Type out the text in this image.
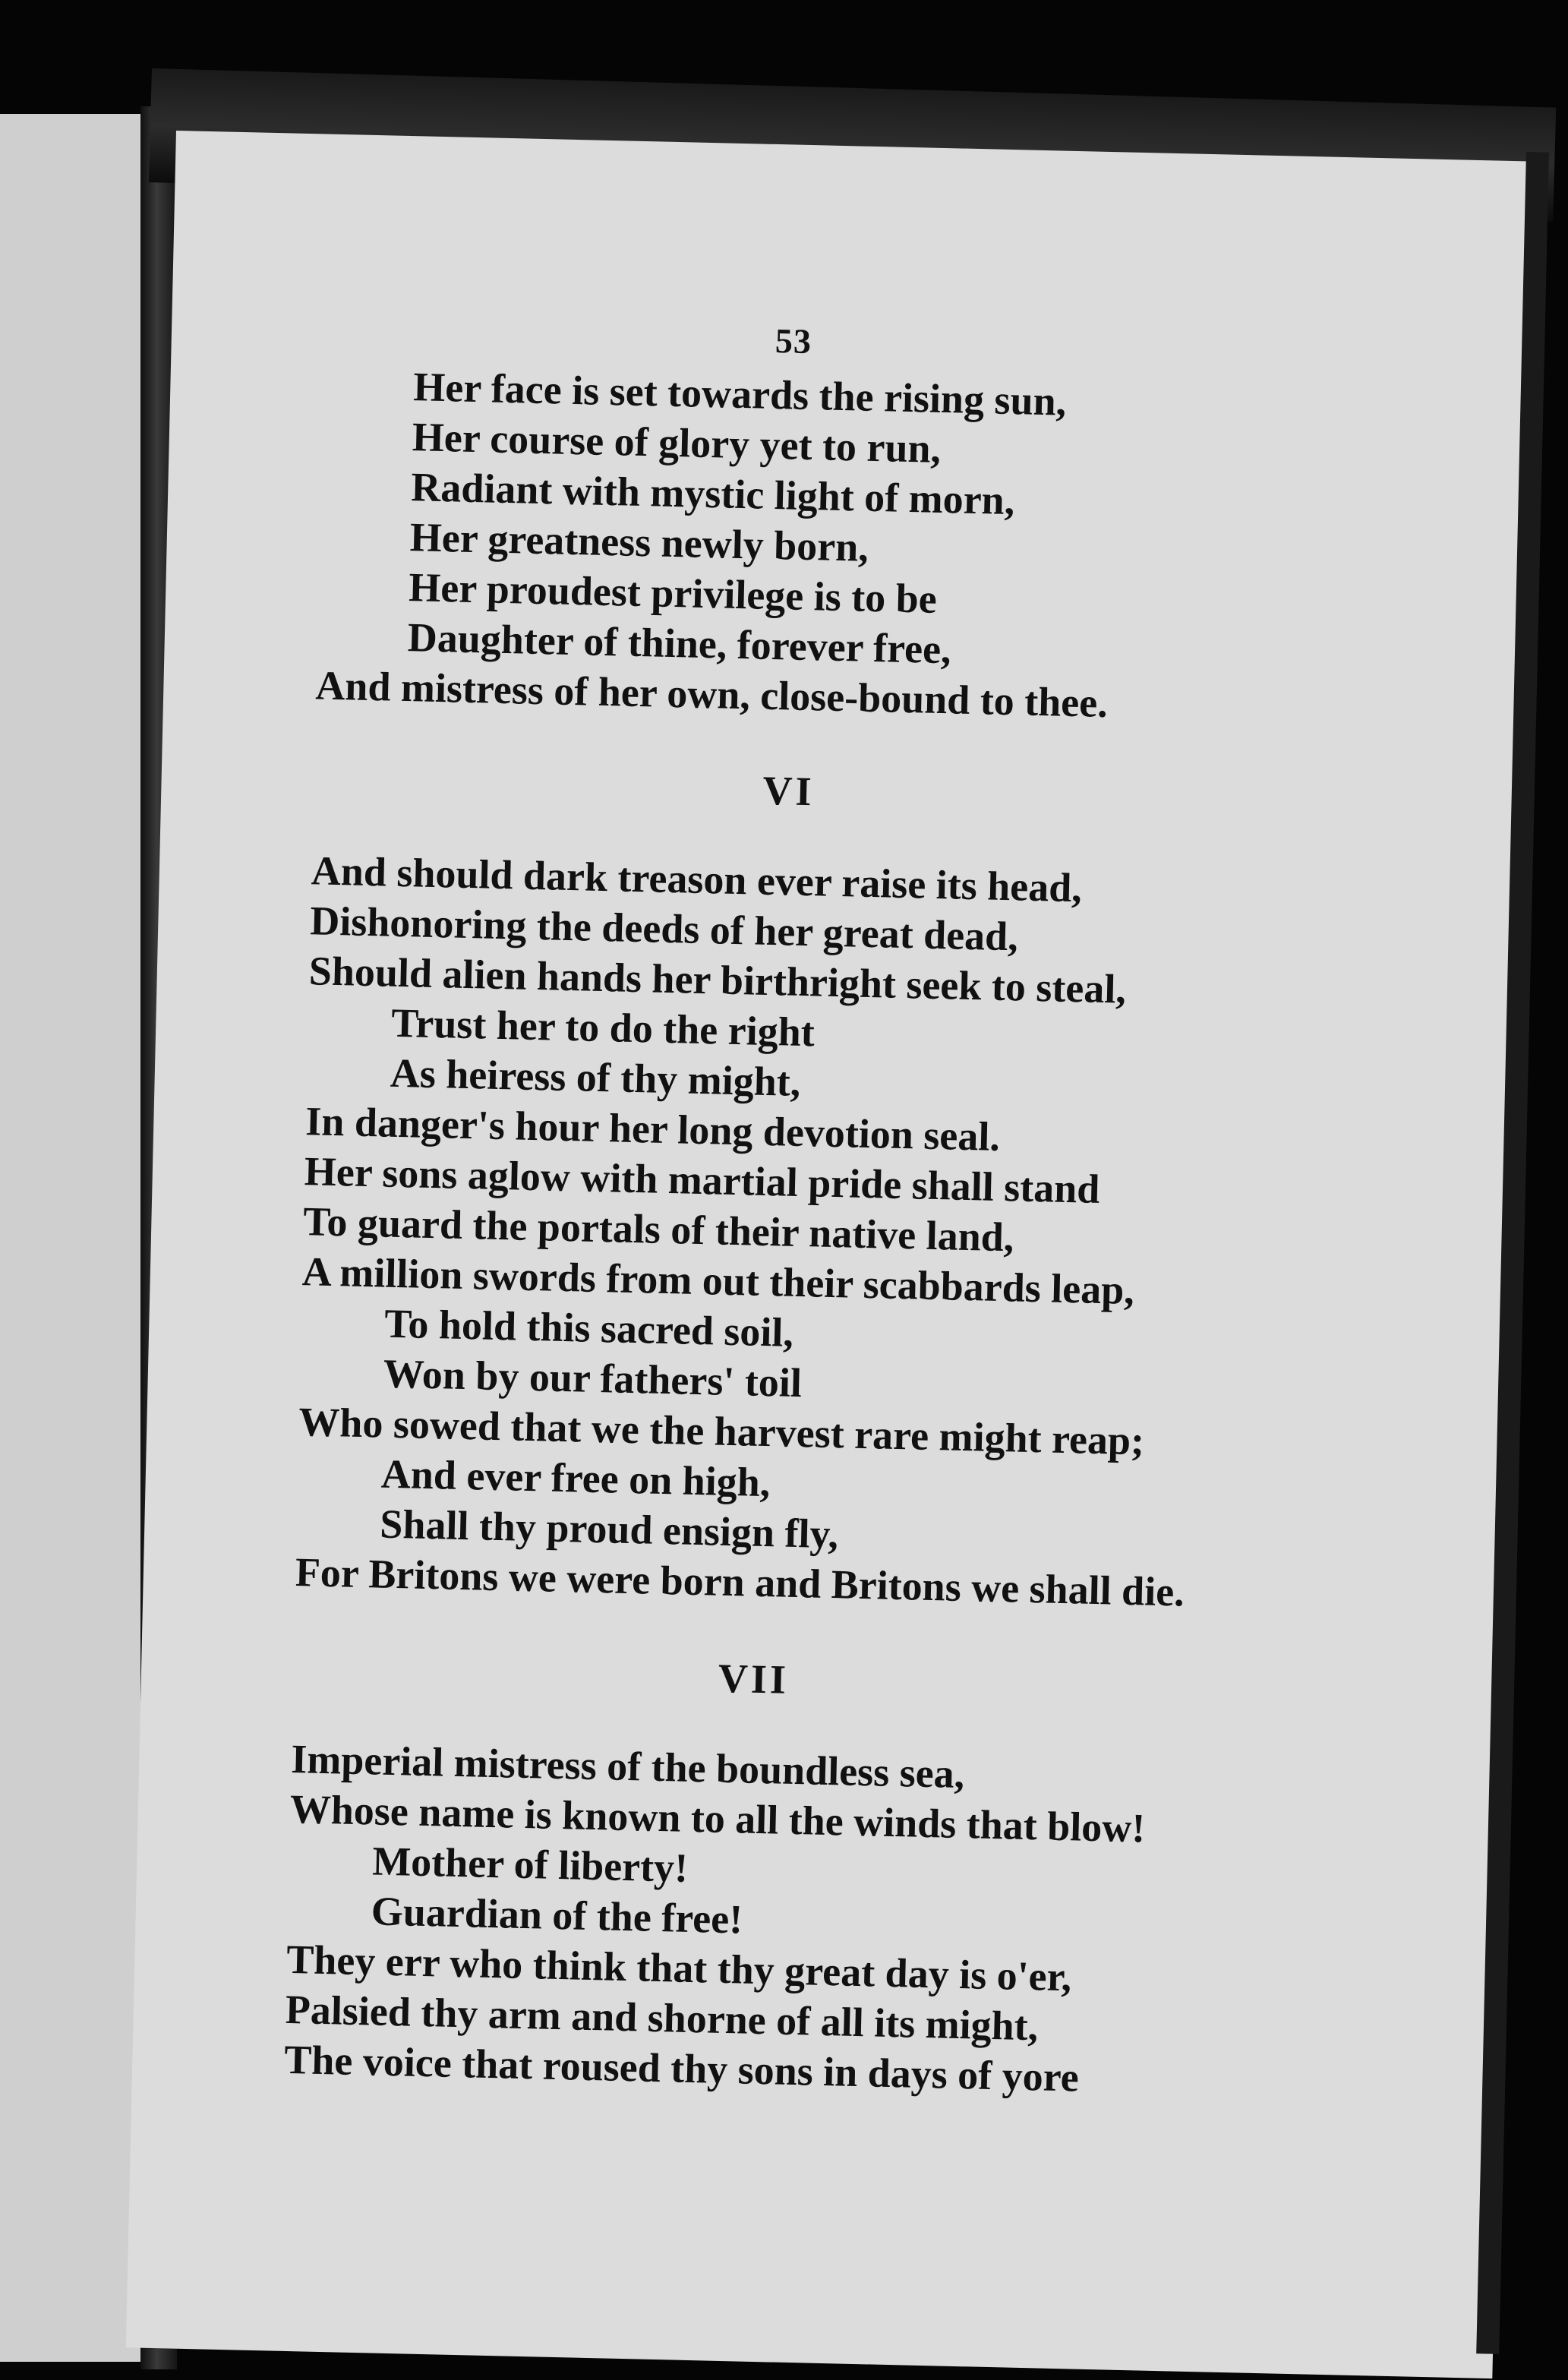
53
Her face is set towards the rising sun,
Her course of glory yet to run,
Radiant with mystic light of morn,
Her greatness newly born,
Her proudest privilege is to be
Daughter of thine, forever free,
And mistress of her own, close-bound to thee.
VI
And should dark treason ever raise its head,
Dishonoring the deeds of her great dead,
Should alien hands her birthright seek to steal,
Trust her to do the right
As heiress of thy might,
In danger's hour her long devotion seal.
Her sons aglow with martial pride shall stand
To guard the portals of their native land,
A million swords from out their scabbards leap,
To hold this sacred soil,
Won by our fathers' toil
Who sowed that we the harvest rare might reap;
And ever free on high,
Shall thy proud ensign fly,
For Britons we were born and Britons we shall die.
VII
Imperial mistress of the boundless sea,
Whose name is known to all the winds that blow!
Mother of liberty!
Guardian of the free!
They err who think that thy great day is o'er,
Palsied thy arm and shorne of all its might,
The voice that roused thy sons in days of yore
